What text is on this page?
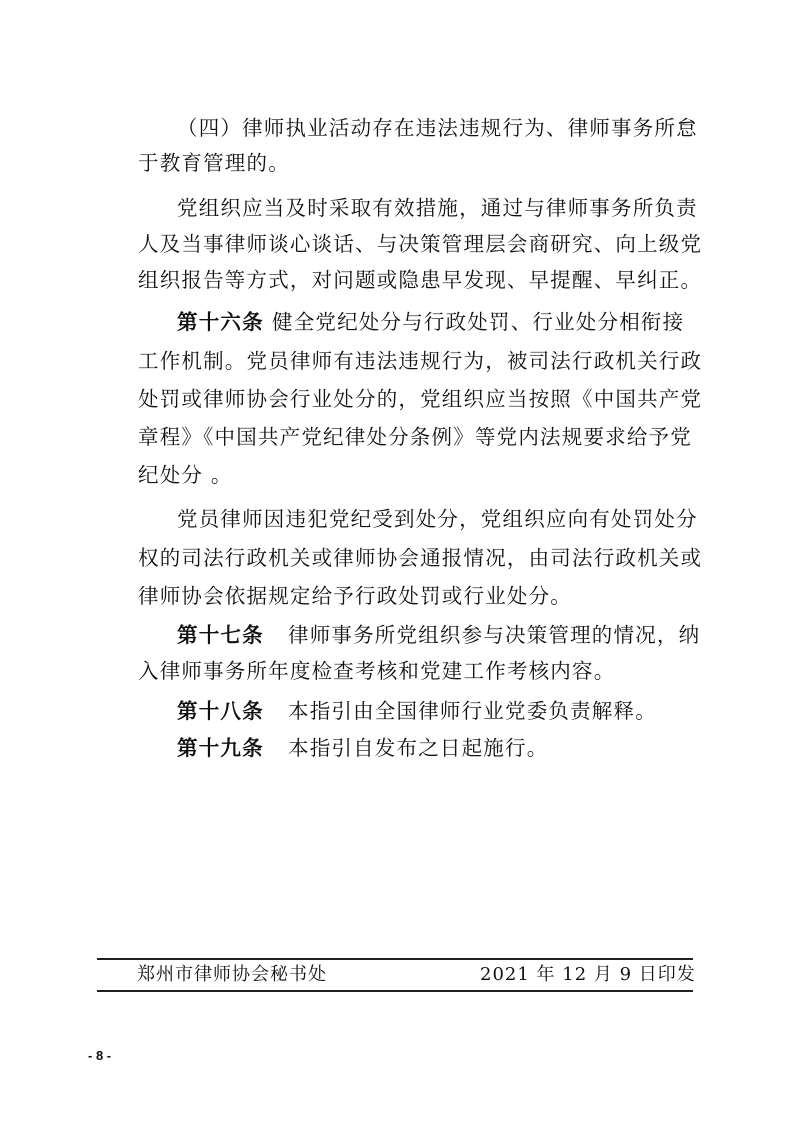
（四）律师执业活动存在违法违规行为、律师事务所怠
于教育管理的。
党组织应当及时采取有效措施，通过与律师事务所负责
人及当事律师谈心谈话、与决策管理层会商研究、向上级党
组织报告等方式，对问题或隐患早发现、早提醒、早纠正。
第十六条 健全党纪处分与行政处罚、行业处分相衔接
工作机制。党员律师有违法违规行为，被司法行政机关行政
处罚或律师协会行业处分的，党组织应当按照《中国共产党
章程》《中国共产党纪律处分条例》等党内法规要求给予党
纪处分 。
党员律师因违犯党纪受到处分，党组织应向有处罚处分
权的司法行政机关或律师协会通报情况，由司法行政机关或
律师协会依据规定给予行政处罚或行业处分。
第十七条 律师事务所党组织参与决策管理的情况，纳
入律师事务所年度检查考核和党建工作考核内容。
第十八条 本指引由全国律师行业党委负责解释。
第十九条 本指引自发布之日起施行。
郑州市律师协会秘书处	2021 年 12 月 9 日印发
- 8 -
